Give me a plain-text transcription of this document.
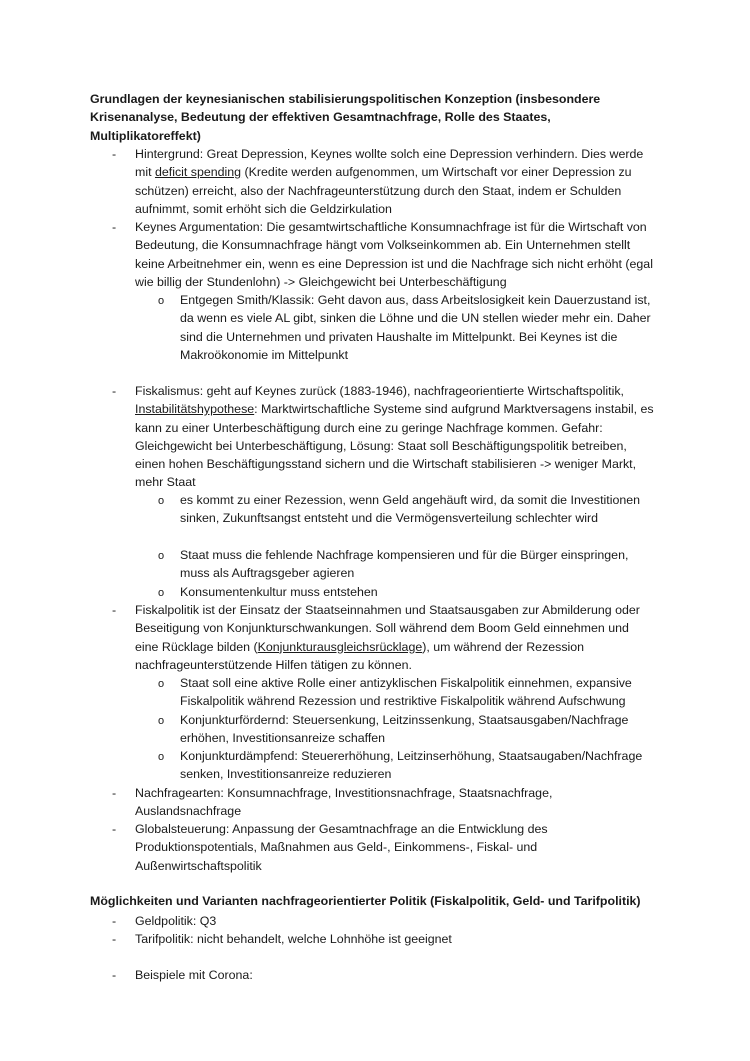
Grundlagen der keynesianischen stabilisierungspolitischen Konzeption (insbesondere Krisenanalyse, Bedeutung der effektiven Gesamtnachfrage, Rolle des Staates, Multiplikatoreffekt)
- Hintergrund: Great Depression, Keynes wollte solch eine Depression verhindern. Dies werde mit deficit spending (Kredite werden aufgenommen, um Wirtschaft vor einer Depression zu schützen) erreicht, also der Nachfrageunterstützung durch den Staat, indem er Schulden aufnimmt, somit erhöht sich die Geldzirkulation
- Keynes Argumentation: Die gesamtwirtschaftliche Konsumnachfrage ist für die Wirtschaft von Bedeutung, die Konsumnachfrage hängt vom Volkseinkommen ab. Ein Unternehmen stellt keine Arbeitnehmer ein, wenn es eine Depression ist und die Nachfrage sich nicht erhöht (egal wie billig der Stundenlohn) -> Gleichgewicht bei Unterbeschäftigung
o Entgegen Smith/Klassik: Geht davon aus, dass Arbeitslosigkeit kein Dauerzustand ist, da wenn es viele AL gibt, sinken die Löhne und die UN stellen wieder mehr ein. Daher sind die Unternehmen und privaten Haushalte im Mittelpunkt. Bei Keynes ist die Makroökonomie im Mittelpunkt
- Fiskalismus: geht auf Keynes zurück (1883-1946), nachfrageorientierte Wirtschaftspolitik, Instabilitätshypothese: Marktwirtschaftliche Systeme sind aufgrund Marktversagens instabil, es kann zu einer Unterbeschäftigung durch eine zu geringe Nachfrage kommen. Gefahr: Gleichgewicht bei Unterbeschäftigung, Lösung: Staat soll Beschäftigungspolitik betreiben, einen hohen Beschäftigungsstand sichern und die Wirtschaft stabilisieren -> weniger Markt, mehr Staat
o es kommt zu einer Rezession, wenn Geld angehäuft wird, da somit die Investitionen sinken, Zukunftsangst entsteht und die Vermögensverteilung schlechter wird
o Staat muss die fehlende Nachfrage kompensieren und für die Bürger einspringen, muss als Auftragsgeber agieren
o Konsumentenkultur muss entstehen
- Fiskalpolitik ist der Einsatz der Staatseinnahmen und Staatsausgaben zur Abmilderung oder Beseitigung von Konjunkturschwankungen. Soll während dem Boom Geld einnehmen und eine Rücklage bilden (Konjunkturausgleichsrücklage), um während der Rezession nachfrageunterstützende Hilfen tätigen zu können.
o Staat soll eine aktive Rolle einer antizyklischen Fiskalpolitik einnehmen, expansive Fiskalpolitik während Rezession und restriktive Fiskalpolitik während Aufschwung
o Konjunkturfördernd: Steuersenkung, Leitzinssenkung, Staatsausgaben/Nachfrage erhöhen, Investitionsanreize schaffen
o Konjunkturdämpfend: Steuererhöhung, Leitzinserhöhung, Staatsaugaben/Nachfrage senken, Investitionsanreize reduzieren
- Nachfragearten: Konsumnachfrage, Investitionsnachfrage, Staatsnachfrage, Auslandsnachfrage
- Globalsteuerung: Anpassung der Gesamtnachfrage an die Entwicklung des Produktionspotentials, Maßnahmen aus Geld-, Einkommens-, Fiskal- und Außenwirtschaftspolitik
Möglichkeiten und Varianten nachfrageorientierter Politik (Fiskalpolitik, Geld- und Tarifpolitik)
- Geldpolitik: Q3
- Tarifpolitik: nicht behandelt, welche Lohnhöhe ist geeignet
- Beispiele mit Corona:
